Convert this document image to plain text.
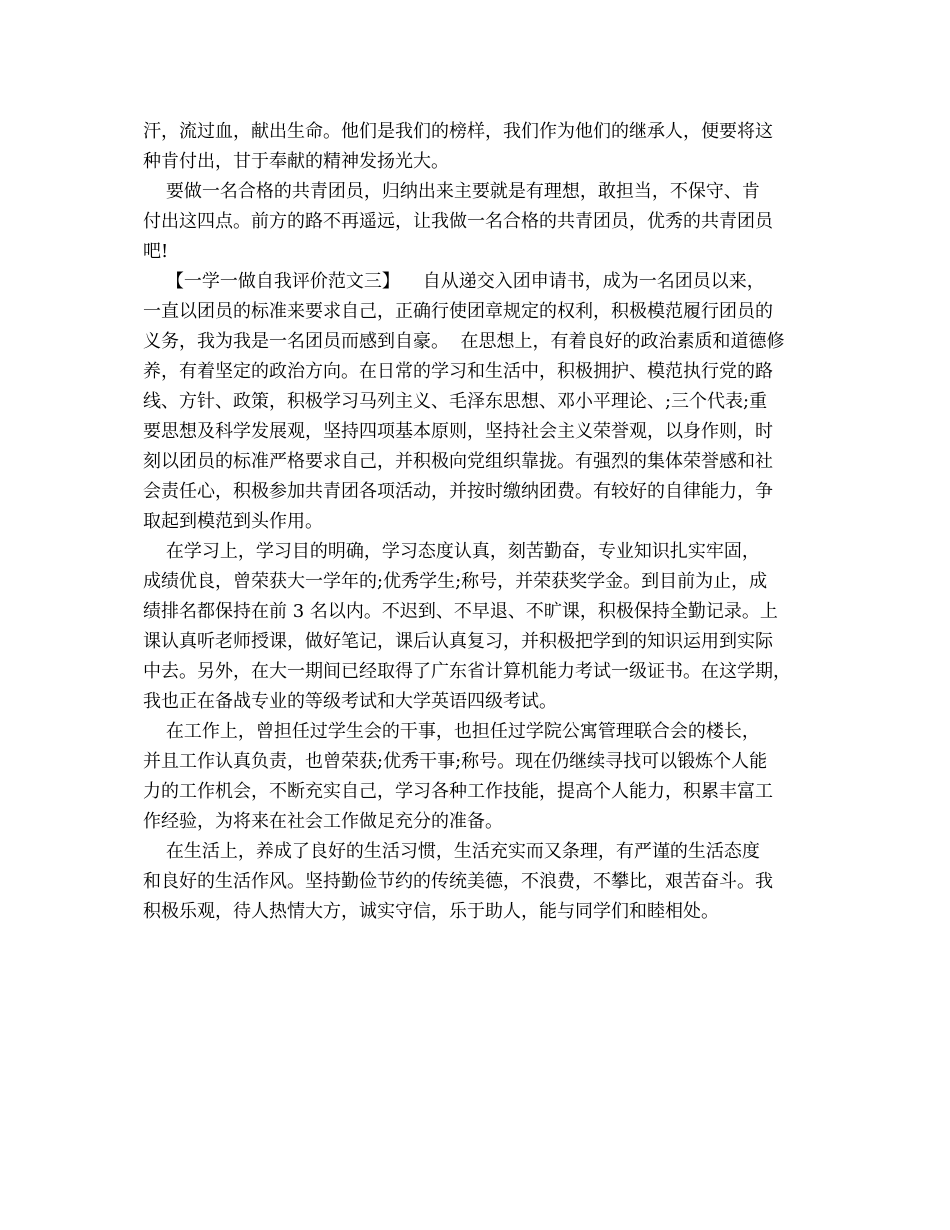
汗，流过血，献出生命。他们是我们的榜样，我们作为他们的继承人，便要将这
种肯付出，甘于奉献的精神发扬光大。
要做一名合格的共青团员，归纳出来主要就是有理想，敢担当，不保守、肯
付出这四点。前方的路不再遥远，让我做一名合格的共青团员，优秀的共青团员
吧!
【一学一做自我评价范文三】    自从递交入团申请书，成为一名团员以来，
一直以团员的标准来要求自己，正确行使团章规定的权利，积极模范履行团员的
义务，我为我是一名团员而感到自豪。  在思想上，有着良好的政治素质和道德修
养，有着坚定的政治方向。在日常的学习和生活中，积极拥护、模范执行党的路
线、方针、政策，积极学习马列主义、毛泽东思想、邓小平理论、;三个代表;重
要思想及科学发展观，坚持四项基本原则，坚持社会主义荣誉观，以身作则，时
刻以团员的标准严格要求自己，并积极向党组织靠拢。有强烈的集体荣誉感和社
会责任心，积极参加共青团各项活动，并按时缴纳团费。有较好的自律能力，争
取起到模范到头作用。
在学习上，学习目的明确，学习态度认真，刻苦勤奋，专业知识扎实牢固，
成绩优良，曾荣获大一学年的;优秀学生;称号，并荣获奖学金。到目前为止，成
绩排名都保持在前 3 名以内。不迟到、不早退、不旷课，积极保持全勤记录。上
课认真听老师授课，做好笔记，课后认真复习，并积极把学到的知识运用到实际
中去。另外，在大一期间已经取得了广东省计算机能力考试一级证书。在这学期，
我也正在备战专业的等级考试和大学英语四级考试。
在工作上，曾担任过学生会的干事，也担任过学院公寓管理联合会的楼长，
并且工作认真负责，也曾荣获;优秀干事;称号。现在仍继续寻找可以锻炼个人能
力的工作机会，不断充实自己，学习各种工作技能，提高个人能力，积累丰富工
作经验，为将来在社会工作做足充分的准备。
在生活上，养成了良好的生活习惯，生活充实而又条理，有严谨的生活态度
和良好的生活作风。坚持勤俭节约的传统美德，不浪费，不攀比，艰苦奋斗。我
积极乐观，待人热情大方，诚实守信，乐于助人，能与同学们和睦相处。
